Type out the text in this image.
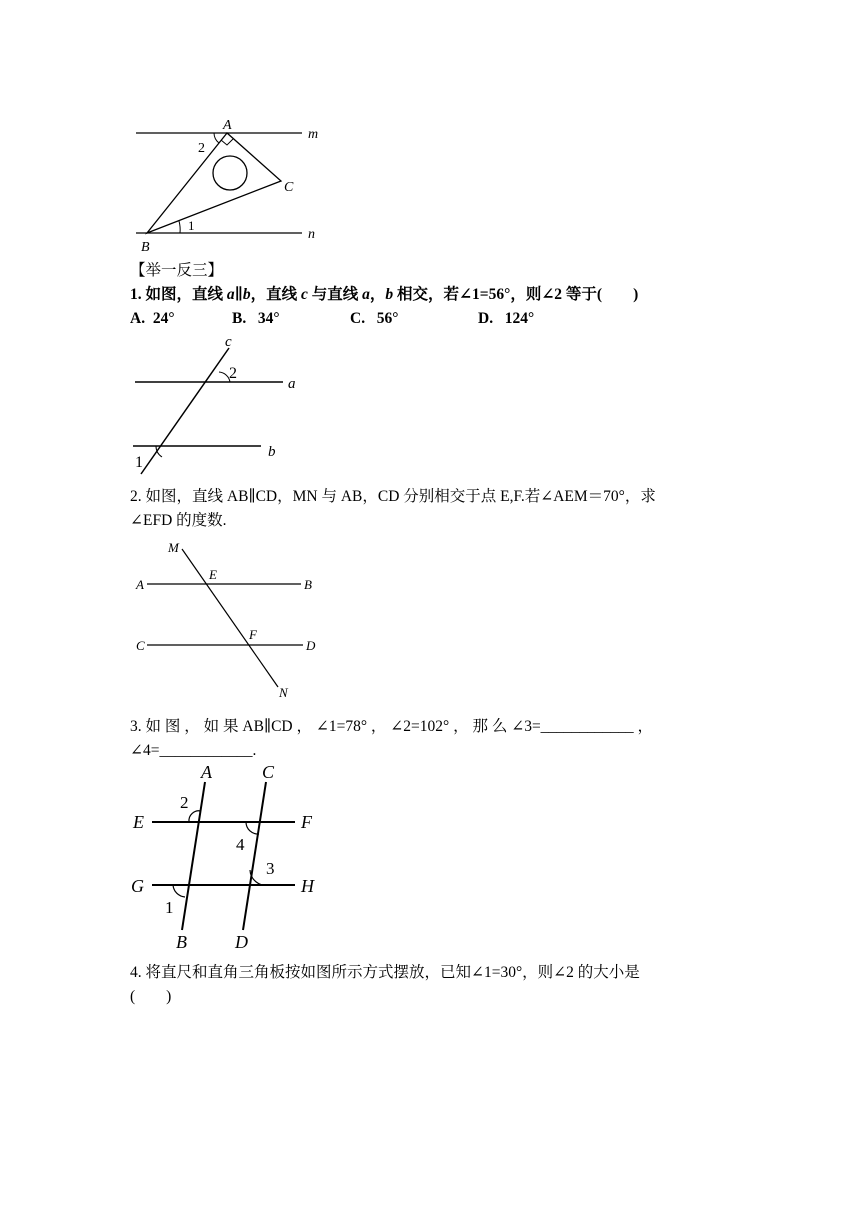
A
B
C
m
n
1
2
【举一反三】
1. 如图，直线 a∥b，直线 c 与直线 a，b 相交，若∠1=56°，则∠2 等于(　　)
A. 24°	B. 34°	C. 56°	D. 124°
c
a
b
2
1
2. 如图，直线 AB∥CD，MN 与 AB，CD 分别相交于点 E,F.若∠AEM＝70°，求
∠EFD 的度数.
M
E
A	B
C
F
D
N
3. 如 图 ， 如 果 AB∥CD ， ∠1=78° ， ∠2=102° ， 那 么 ∠3=____________ ，
∠4=____________.
A	C
E	F
G	H
B	D
2
4
3
1
4. 将直尺和直角三角板按如图所示方式摆放，已知∠1=30°，则∠2 的大小是
(　　)
